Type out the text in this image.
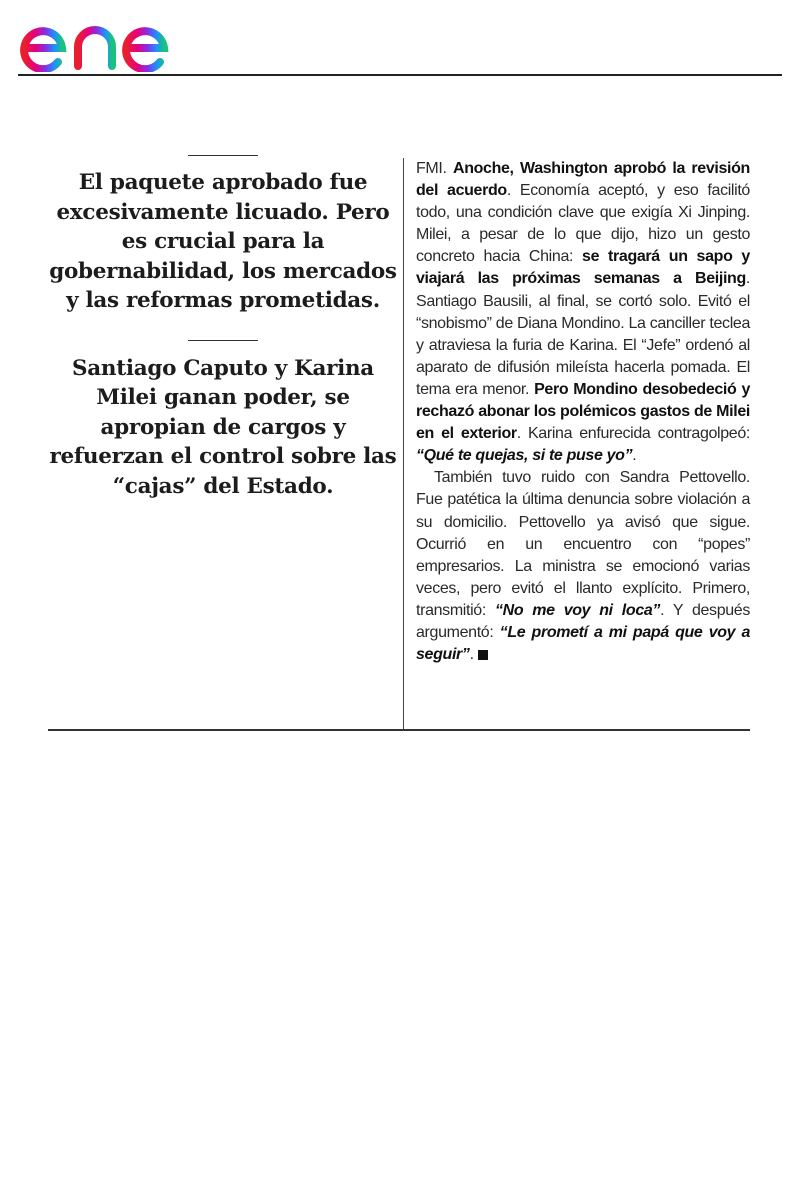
El paquete aprobado fue excesivamente licuado. Pero es crucial para la gobernabilidad, los mercados y las reformas prometidas.

Santiago Caputo y Karina Milei ganan poder, se apropian de cargos y refuerzan el control sobre las “cajas” del Estado.

FMI. Anoche, Washington aprobó la revisión del acuerdo. Economía aceptó, y eso facilitó todo, una condición clave que exigía Xi Jinping. Milei, a pesar de lo que dijo, hizo un gesto concreto hacia China: se tragará un sapo y viajará las próximas semanas a Beijing. Santiago Bausili, al final, se cortó solo. Evitó el “snobismo” de Diana Mondino. La canciller teclea y atraviesa la furia de Karina. El “Jefe” ordenó al aparato de difusión mileísta hacerla pomada. El tema era menor. Pero Mondino desobedeció y rechazó abonar los polémicos gastos de Milei en el exterior. Karina enfurecida contragolpeó: “Qué te quejas, si te puse yo”.

También tuvo ruido con Sandra Pettovello. Fue patética la última denuncia sobre violación a su domicilio. Pettovello ya avisó que sigue. Ocurrió en un encuentro con “popes” empresarios. La ministra se emocionó varias veces, pero evitó el llanto explícito. Primero, transmitió: “No me voy ni loca”. Y después argumentó: “Le prometí a mi papá que voy a seguir”.
